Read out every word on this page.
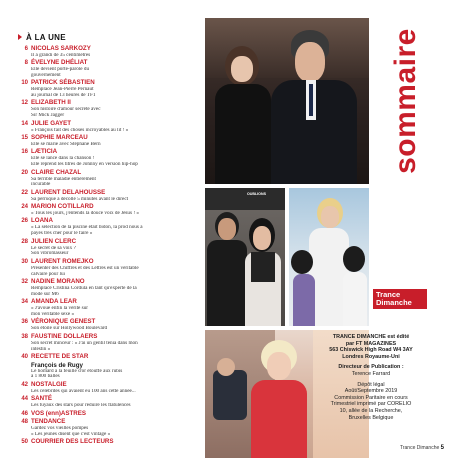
À LA UNE
6 NICOLAS SARKOZY
Il a grandi de 35 centimètres
8 ÉVELYNE DHÉLIAT
Elle devient porte-parole du
gouvernement
10 PATRICK SÉBASTIEN
Remplace Jean-Pierre Pernaut
au journal de 13 heures de TF1
12 ELIZABETH II
Son histoire d'amour secrète avec
Sir Mick Jagger
14 JULIE GAYET
« François fait des choses incroyables au lit ! »
15 SOPHIE MARCEAU
Elle se marie avec Stéphane Bern
16 LÆTICIA
Elle se lance dans la chanson !
Elle reprend les titres de Johnny en version hip-hop
20 CLAIRE CHAZAL
Sa terrible maladie entièrement
incurable
22 LAURENT DELAHOUSSE
Sa perruque a décollé 5 minutes avant le direct
24 MARION COTILLARD
« Tous les jours, j'entends la douce voix de Jésus ! »
26 LOANA
« La sélection de la piscine était bidon, la prod nous a
payés très cher pour le faire »
28 JULIEN CLERC
Le secret de sa voix ?
Son vibromasseur
30 LAURENT ROMEJKO
Présenter des Chiffres et des Lettres est un véritable
calvaire pour lui
32 NADINE MORANO
Remplace Cristina Cordula en tant qu'experte de la
mode sur M6
34 AMANDA LEAR
« J'avoue enfin la vérité sur
mon véritable sexe »
36 VÉRONIQUE GENEST
Son étoile sur Hollywood Boulevard
38 FAUSTINE DOLLAERS
Son secret minceur : « J'ai un gentil ténia dans mon
intestin »
40 RECETTE DE STAR
François de Rugy
Le homard à la feuille d'or étouffé aux rubis
à 1 800 balles
42 NOSTALGIE
Les célébrités qui avaient eu 100 ans cette année...
44 SANTÉ
Les tuyaux des stars pour réduire les flatulences
46 VOS (enn)ASTRES
48 TENDANCE
Gardez vos vieilles pompes
« Les jeunes disent que c'est vintage »
50 COURRIER DES LECTEURS
OUBLIONS
sommaire
Trance
Dimanche
TRANCE DIMANCHE est édité
par FT MAGAZINES
563 Chiswick High Road W4 3AY
Londres Royaume-Uni
Directeur de Publication :
Terence Farrard
Dépôt légal
Août/Septembre 2019
Commission Paritaire en cours
Trimestriel imprimé par CORELIO
10, allée de la Recherche,
Bruxelles Belgique
Trance Dimanche 5
